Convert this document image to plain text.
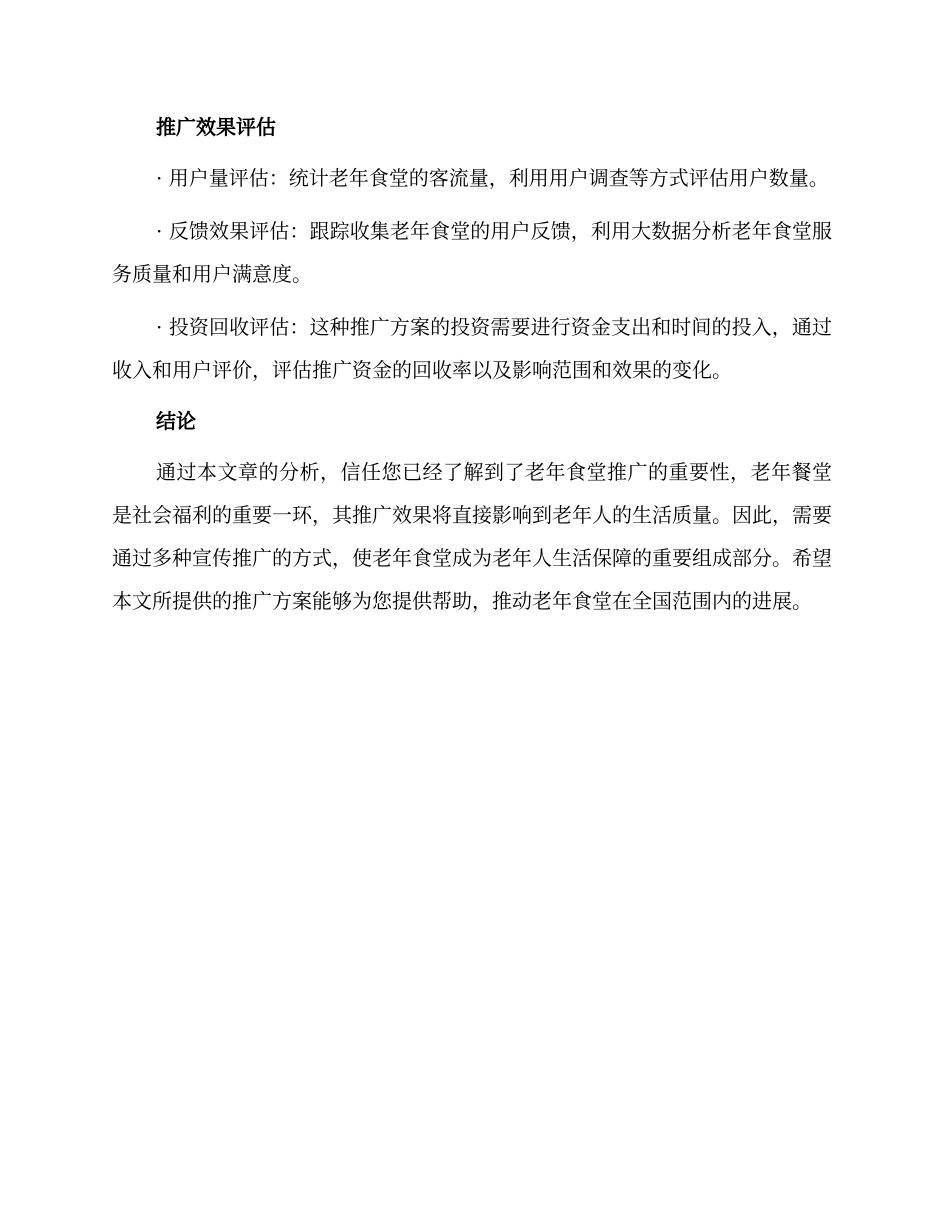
推广效果评估

· 用户量评估：统计老年食堂的客流量，利用用户调查等方式评估用户数量。

· 反馈效果评估：跟踪收集老年食堂的用户反馈，利用大数据分析老年食堂服务质量和用户满意度。

· 投资回收评估：这种推广方案的投资需要进行资金支出和时间的投入，通过收入和用户评价，评估推广资金的回收率以及影响范围和效果的变化。

结论

通过本文章的分析，信任您已经了解到了老年食堂推广的重要性，老年餐堂是社会福利的重要一环，其推广效果将直接影响到老年人的生活质量。因此，需要通过多种宣传推广的方式，使老年食堂成为老年人生活保障的重要组成部分。希望本文所提供的推广方案能够为您提供帮助，推动老年食堂在全国范围内的进展。
